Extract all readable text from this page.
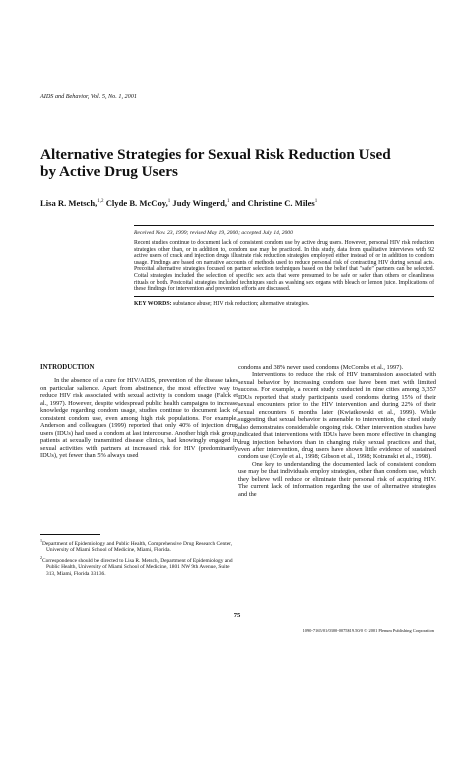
AIDS and Behavior, Vol. 5, No. 1, 2001
Alternative Strategies for Sexual Risk Reduction Used
by Active Drug Users
Lisa R. Metsch,$^{1,2}$ Clyde B. McCoy,$^1$ Judy Wingerd,$^1$ and Christine C. Miles$^1$
Received Nov. 23, 1999; revised May 19, 2000; accepted July 14, 2000
Recent studies continue to document lack of consistent condom use by active drug users. However, personal HIV risk reduction strategies other than, or in addition to, condom use may be practiced. In this study, data from qualitative interviews with 92 active users of crack and injection drugs illustrate risk reduction strategies employed either instead of or in addition to condom usage. Findings are based on narrative accounts of methods used to reduce personal risk of contracting HIV during sexual acts. Precoital alternative strategies focused on partner selection techniques based on the belief that "safe" partners can be selected. Coital strategies included the selection of specific sex acts that were presumed to be safe or safer than others or cleanliness rituals or both. Postcoital strategies included techniques such as washing sex organs with bleach or lemon juice. Implications of these findings for intervention and prevention efforts are discussed.
KEY WORDS: substance abuse; HIV risk reduction; alternative strategies.
INTRODUCTION

In the absence of a cure for HIV/AIDS, prevention of the disease takes on particular salience. Apart from abstinence, the most effective way to reduce HIV risk associated with sexual activity is condom usage (Falck et al., 1997). However, despite widespread public health campaigns to increase knowledge regarding condom usage, studies continue to document lack of consistent condom use, even among high risk populations. For example, Anderson and colleagues (1999) reported that only 40% of injection drug users (IDUs) had used a condom at last intercourse. Another high risk group, patients at sexually transmitted disease clinics, had knowingly engaged in sexual activities with partners at increased risk for HIV (predominantly IDUs), yet fewer than 5% always used

$^1$Department of Epidemiology and Public Health, Comprehensive Drug Research Center, University of Miami School of Medicine, Miami, Florida.

$^2$Correspondence should be directed to Lisa R. Metsch, Department of Epidemiology and Public Health, University of Miami School of Medicine, 1801 NW 9th Avenue, Suite 313, Miami, Florida 33136.

condoms and 38% never used condoms (McCombs et al., 1997).

Interventions to reduce the risk of HIV transmission associated with sexual behavior by increasing condom use have been met with limited success. For example, a recent study conducted in nine cities among 3,357 IDUs reported that study participants used condoms during 15% of their sexual encounters prior to the HIV intervention and during 22% of their sexual encounters 6 months later (Kwiatkowski et al., 1999). While suggesting that sexual behavior is amenable to intervention, the cited study also demonstrates considerable ongoing risk. Other intervention studies have indicated that interventions with IDUs have been more effective in changing drug injection behaviors than in changing risky sexual practices and that, even after intervention, drug users have shown little evidence of sustained condom use (Coyle et al., 1998; Gibson et al., 1998; Kotranski et al., 1998).

One key to understanding the documented lack of consistent condom use may be that individuals employ strategies, other than condom use, which they believe will reduce or eliminate their personal risk of acquiring HIV. The current lack of information regarding the use of alternative strategies and the

75
1090-7165/01/0300-0075$19.50/0 © 2001 Plenum Publishing Corporation
